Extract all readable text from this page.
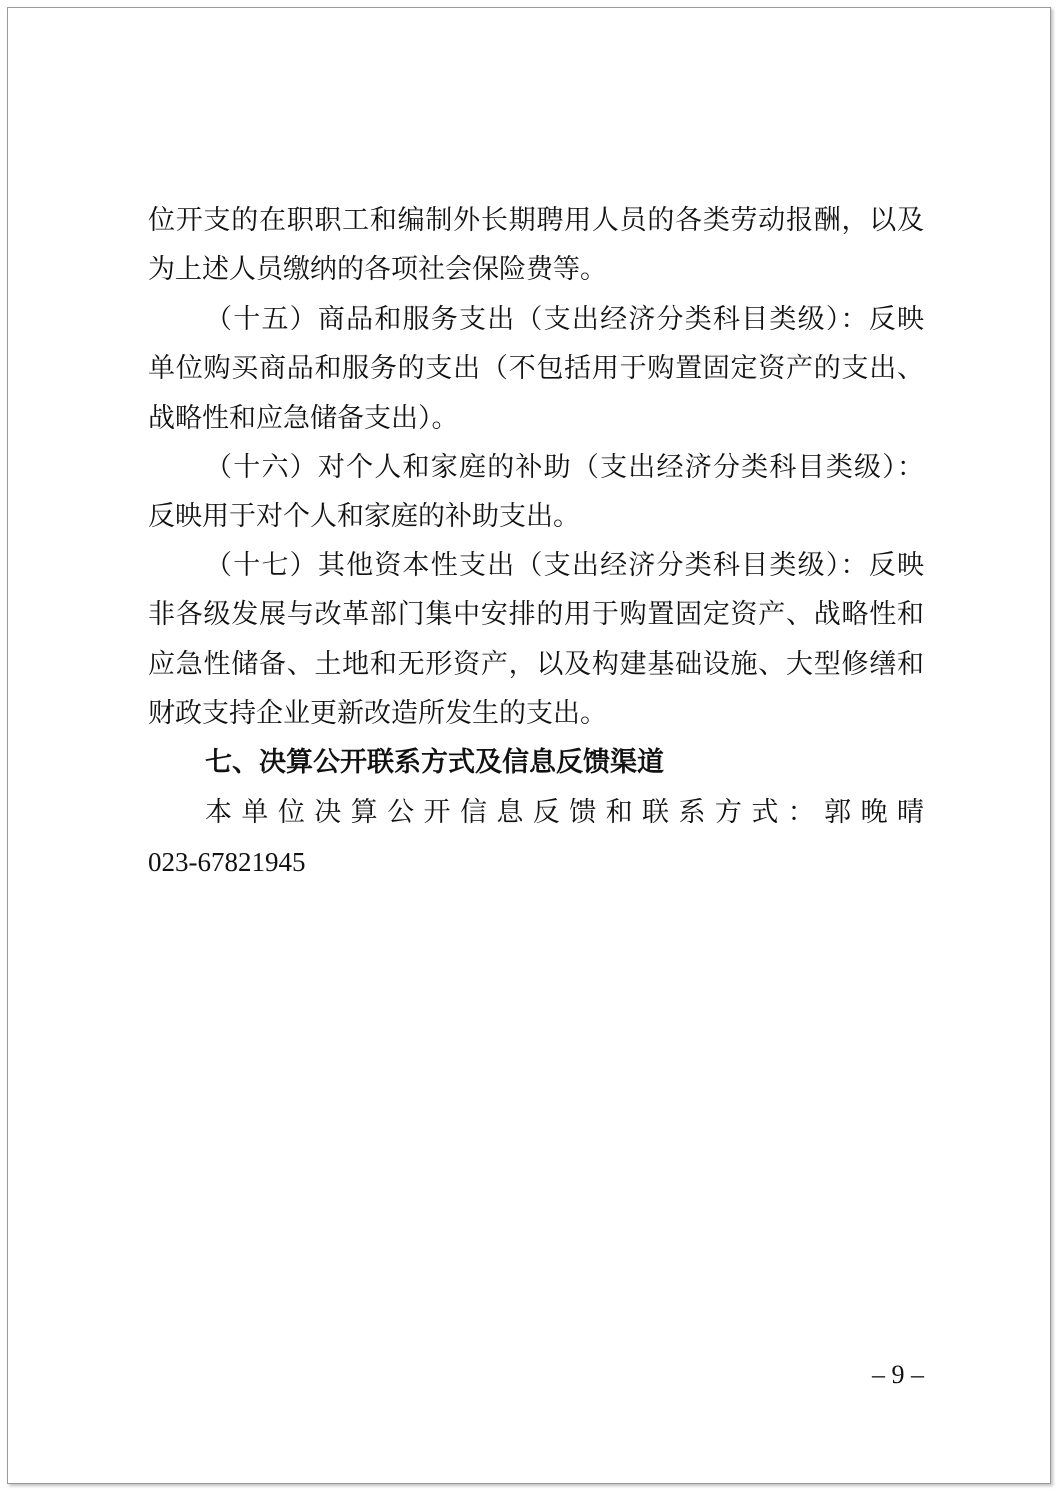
位开支的在职职工和编制外长期聘用人员的各类劳动报酬，以及
为上述人员缴纳的各项社会保险费等。
（十五）商品和服务支出（支出经济分类科目类级）：反映
单位购买商品和服务的支出（不包括用于购置固定资产的支出、
战略性和应急储备支出）。
（十六）对个人和家庭的补助（支出经济分类科目类级）：
反映用于对个人和家庭的补助支出。
（十七）其他资本性支出（支出经济分类科目类级）：反映
非各级发展与改革部门集中安排的用于购置固定资产、战略性和
应急性储备、土地和无形资产，以及构建基础设施、大型修缮和
财政支持企业更新改造所发生的支出。
七、决算公开联系方式及信息反馈渠道
本单位决算公开信息反馈和联系方式：郭晚晴
023-67821945
– 9 –
